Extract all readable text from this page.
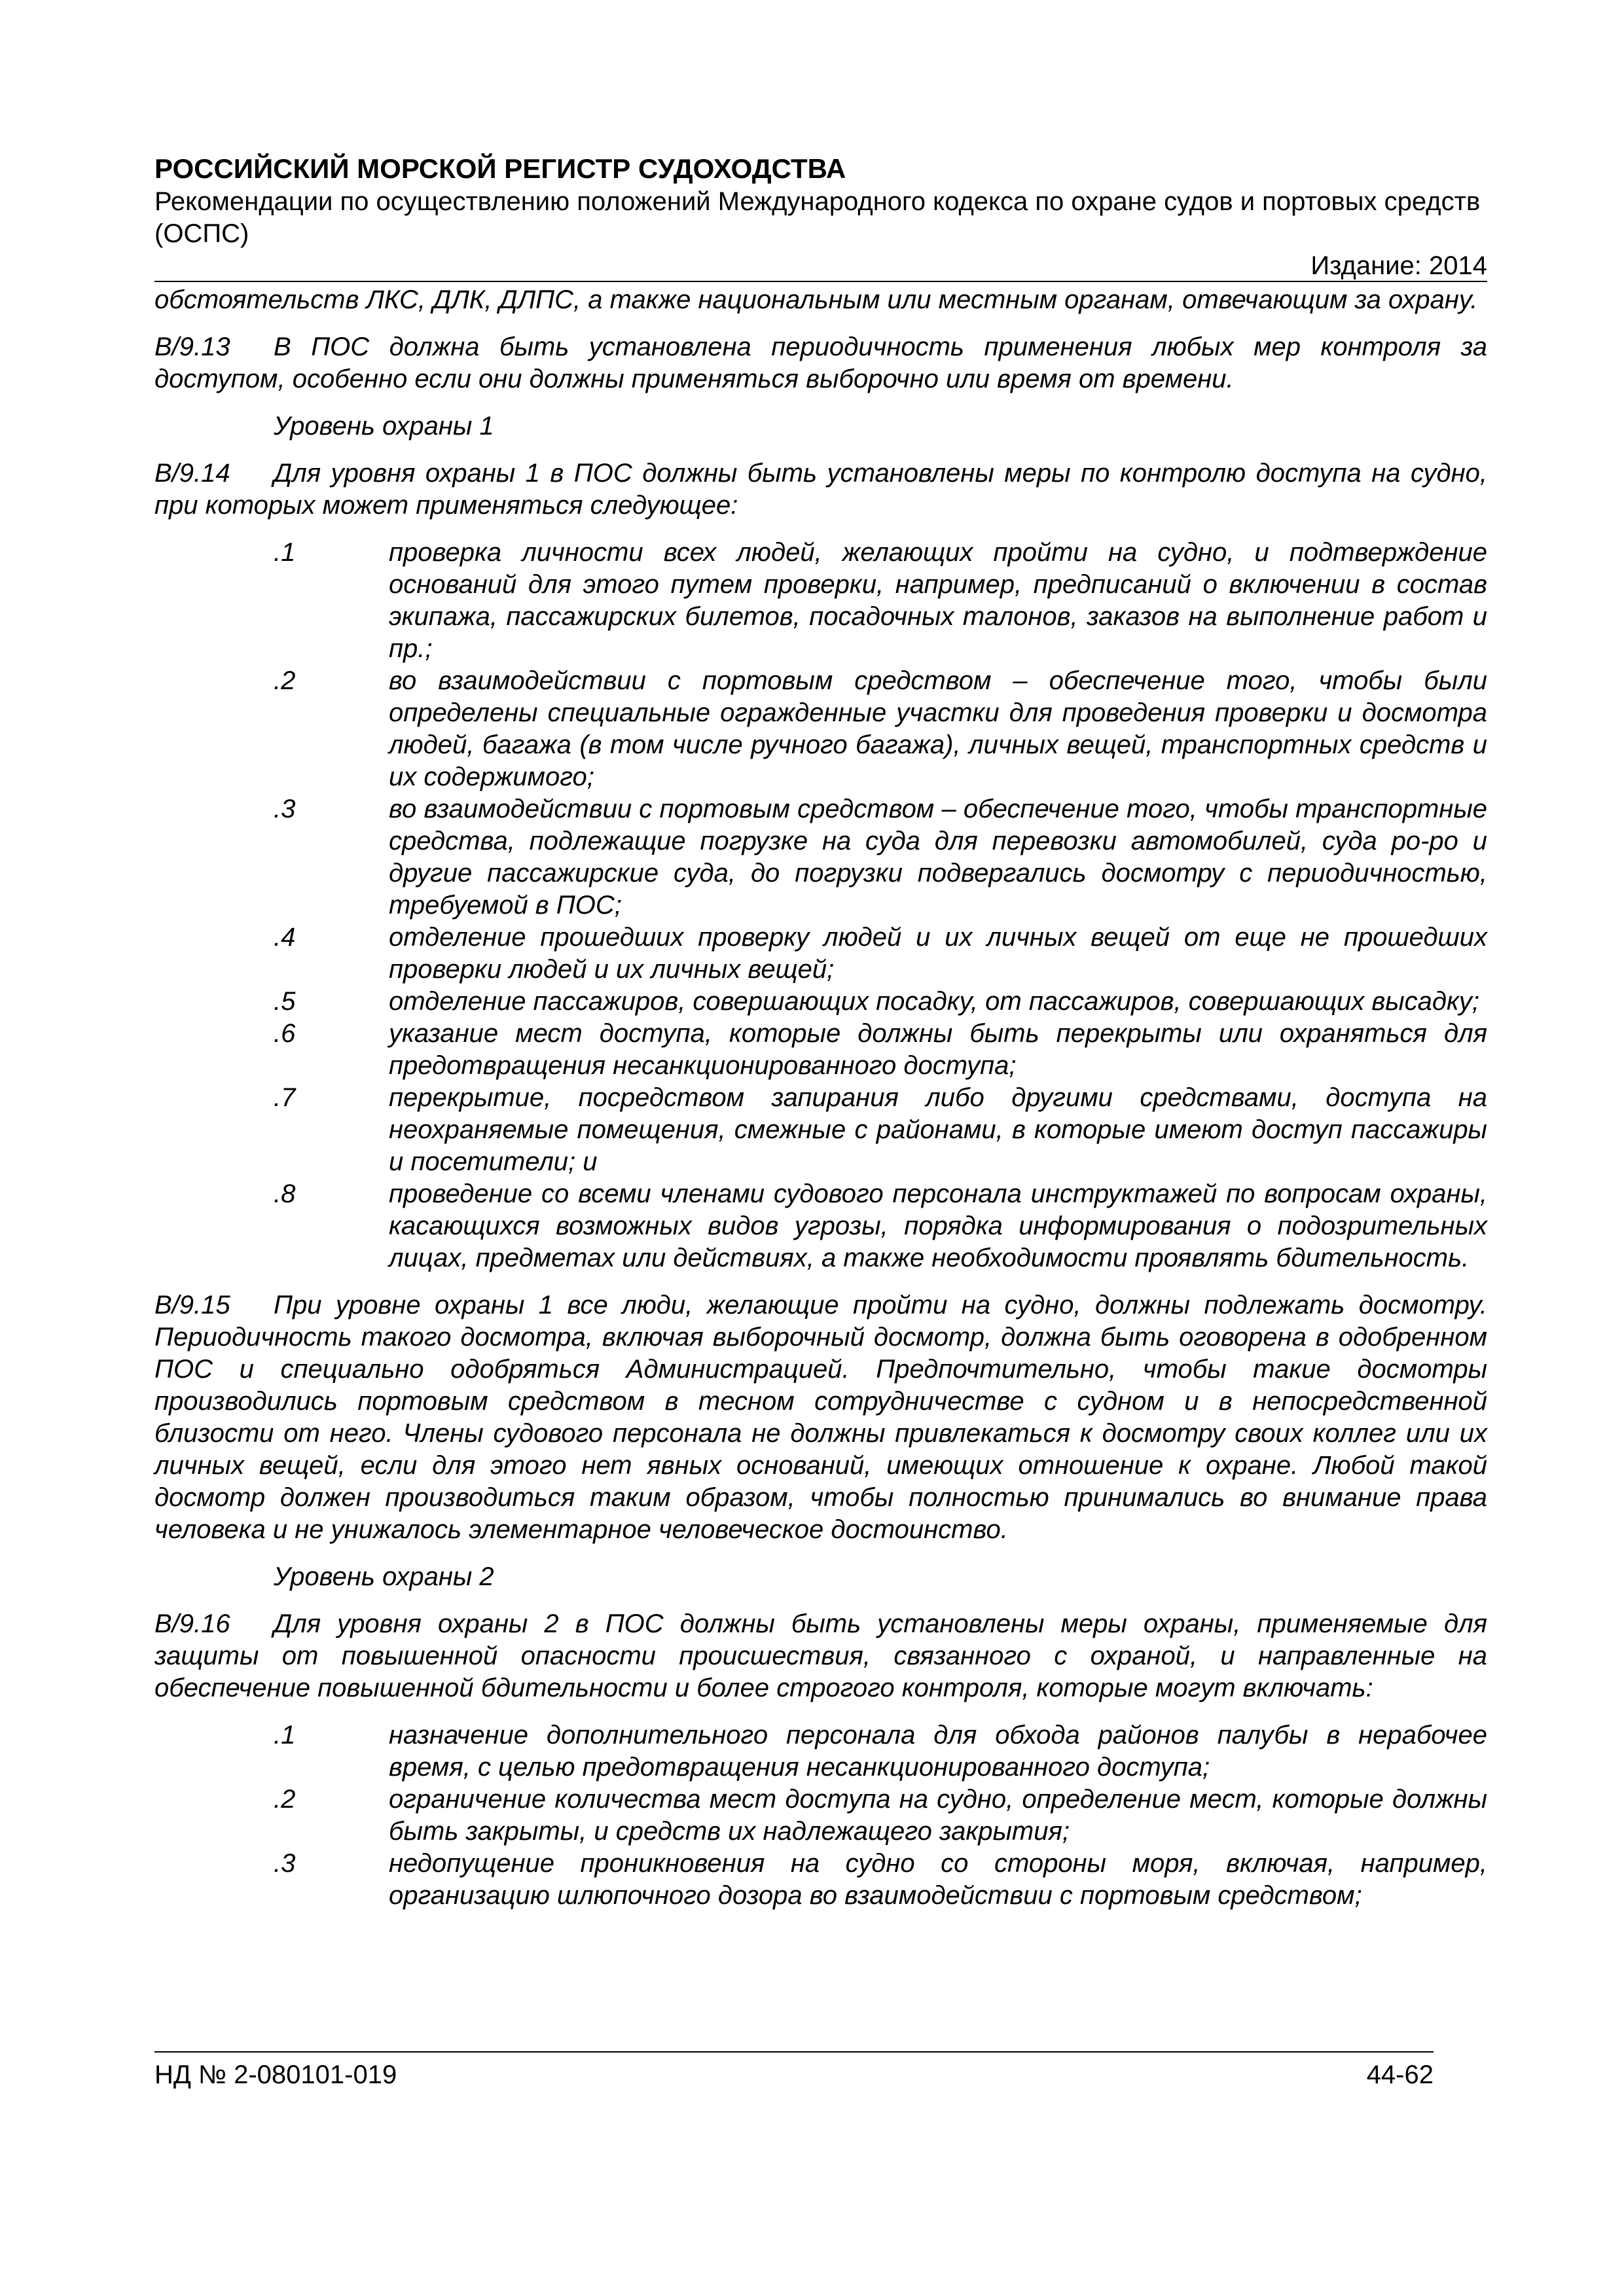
РОССИЙСКИЙ МОРСКОЙ РЕГИСТР СУДОХОДСТВА
Рекомендации по осуществлению положений Международного кодекса по охране судов и портовых средств (ОСПС)
Издание: 2014

обстоятельств ЛКС, ДЛК, ДЛПС, а также национальным или местным органам, отвечающим за охрану.

B/9.13 В ПОС должна быть установлена периодичность применения любых мер контроля за доступом, особенно если они должны применяться выборочно или время от времени.

Уровень охраны 1

B/9.14 Для уровня охраны 1 в ПОС должны быть установлены меры по контролю доступа на судно, при которых может применяться следующее:

.1	проверка личности всех людей, желающих пройти на судно, и подтверждение оснований для этого путем проверки, например, предписаний о включении в состав экипажа, пассажирских билетов, посадочных талонов, заказов на выполнение работ и пр.;
.2	во взаимодействии с портовым средством – обеспечение того, чтобы были определены специальные огражденные участки для проведения проверки и досмотра людей, багажа (в том числе ручного багажа), личных вещей, транспортных средств и их содержимого;
.3	во взаимодействии с портовым средством – обеспечение того, чтобы транспортные средства, подлежащие погрузке на суда для перевозки автомобилей, суда ро-ро и другие пассажирские суда, до погрузки подвергались досмотру с периодичностью, требуемой в ПОС;
.4	отделение прошедших проверку людей и их личных вещей от еще не прошедших проверки людей и их личных вещей;
.5	отделение пассажиров, совершающих посадку, от пассажиров, совершающих высадку;
.6	указание мест доступа, которые должны быть перекрыты или охраняться для предотвращения несанкционированного доступа;
.7	перекрытие, посредством запирания либо другими средствами, доступа на неохраняемые помещения, смежные с районами, в которые имеют доступ пассажиры и посетители; и
.8	проведение со всеми членами судового персонала инструктажей по вопросам охраны, касающихся возможных видов угрозы, порядка информирования о подозрительных лицах, предметах или действиях, а также необходимости проявлять бдительность.

B/9.15 При уровне охраны 1 все люди, желающие пройти на судно, должны подлежать досмотру. Периодичность такого досмотра, включая выборочный досмотр, должна быть оговорена в одобренном ПОС и специально одобряться Администрацией. Предпочтительно, чтобы такие досмотры производились портовым средством в тесном сотрудничестве с судном и в непосредственной близости от него. Члены судового персонала не должны привлекаться к досмотру своих коллег или их личных вещей, если для этого нет явных оснований, имеющих отношение к охране. Любой такой досмотр должен производиться таким образом, чтобы полностью принимались во внимание права человека и не унижалось элементарное человеческое достоинство.

Уровень охраны 2

B/9.16 Для уровня охраны 2 в ПОС должны быть установлены меры охраны, применяемые для защиты от повышенной опасности происшествия, связанного с охраной, и направленные на обеспечение повышенной бдительности и более строгого контроля, которые могут включать:

.1	назначение дополнительного персонала для обхода районов палубы в нерабочее время, с целью предотвращения несанкционированного доступа;
.2	ограничение количества мест доступа на судно, определение мест, которые должны быть закрыты, и средств их надлежащего закрытия;
.3	недопущение проникновения на судно со стороны моря, включая, например, организацию шлюпочного дозора во взаимодействии с портовым средством;
НД № 2-080101-019	44-62
